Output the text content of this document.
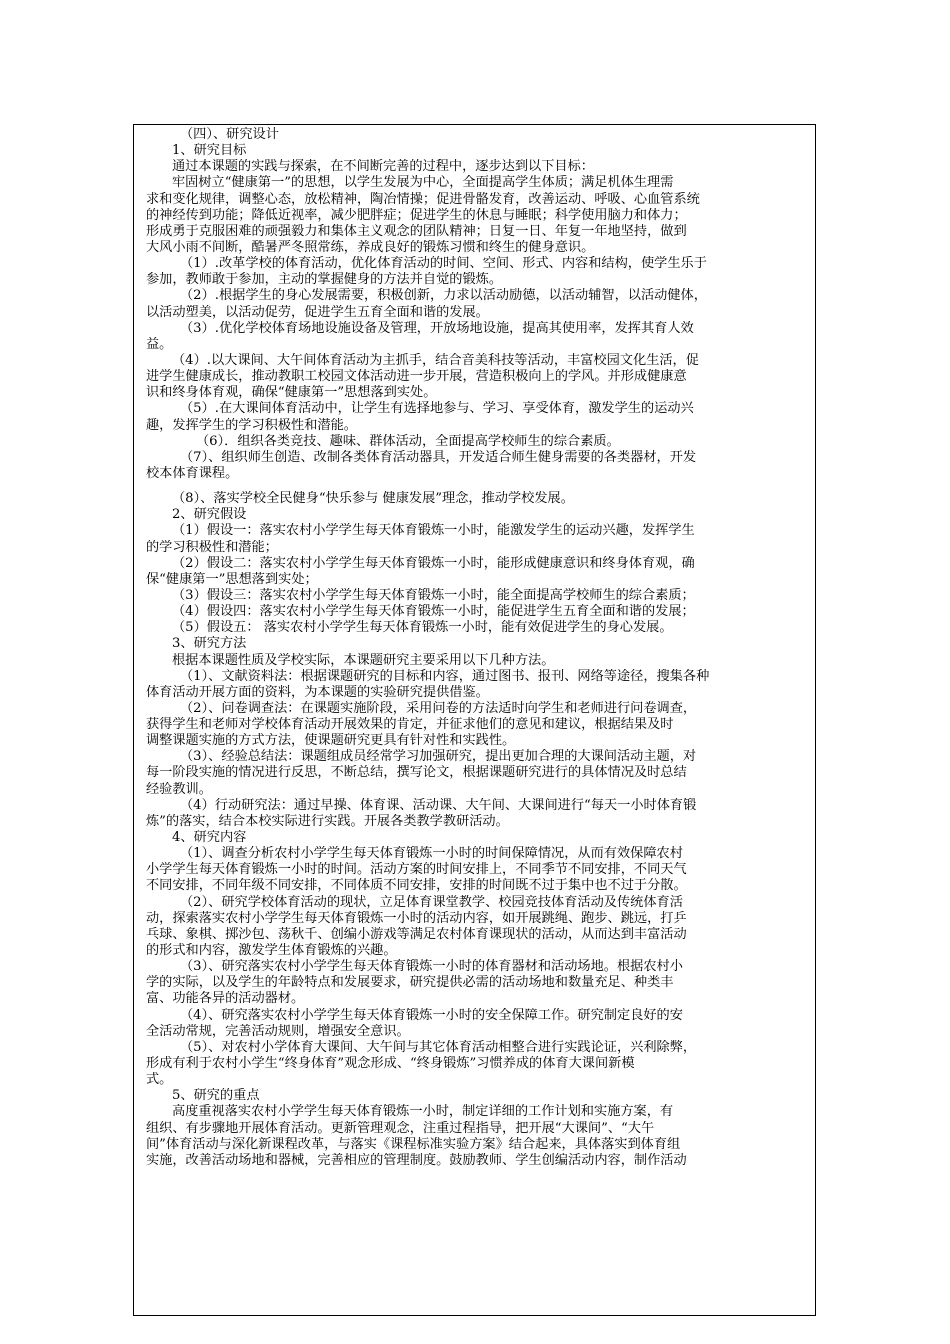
（四）、研究设计
1、研究目标
通过本课题的实践与探索，在不间断完善的过程中，逐步达到以下目标：
牢固树立“健康第一”的思想，以学生发展为中心，全面提高学生体质；满足机体生理需
求和变化规律，调整心态，放松精神，陶冶情操；促进骨骼发育，改善运动、呼吸、心血管系统
的神经传到功能；降低近视率，减少肥胖症；促进学生的休息与睡眠；科学使用脑力和体力；
形成勇于克服困难的顽强毅力和集体主义观念的团队精神；日复一日、年复一年地坚持，做到
大风小雨不间断，酷暑严冬照常练，养成良好的锻炼习惯和终生的健身意识。
（1）.改革学校的体育活动，优化体育活动的时间、空间、形式、内容和结构，使学生乐于
参加，教师敢于参加，主动的掌握健身的方法并自觉的锻炼。
（2）.根据学生的身心发展需要，积极创新，力求以活动励德，以活动辅智，以活动健体，
以活动塑美，以活动促劳，促进学生五育全面和谐的发展。
（3）.优化学校体育场地设施设备及管理，开放场地设施，提高其使用率，发挥其育人效
益。
（4）.以大课间、大午间体育活动为主抓手，结合音美科技等活动，丰富校园文化生活，促
进学生健康成长，推动教职工校园文体活动进一步开展，营造积极向上的学风。并形成健康意
识和终身体育观，确保“健康第一”思想落到实处。
（5）.在大课间体育活动中，让学生有选择地参与、学习、享受体育，激发学生的运动兴
趣，发挥学生的学习积极性和潜能。
（6）．组织各类竞技、趣味、群体活动，全面提高学校师生的综合素质。
（7）、组织师生创造、改制各类体育活动器具，开发适合师生健身需要的各类器材，开发
校本体育课程。
（8）、落实学校全民健身“快乐参与 健康发展”理念，推动学校发展。
2、研究假设
（1）假设一：落实农村小学学生每天体育锻炼一小时，能激发学生的运动兴趣，发挥学生
的学习积极性和潜能；
（2）假设二：落实农村小学学生每天体育锻炼一小时，能形成健康意识和终身体育观，确
保“健康第一”思想落到实处；
（3）假设三：落实农村小学学生每天体育锻炼一小时，能全面提高学校师生的综合素质；
（4）假设四：落实农村小学学生每天体育锻炼一小时，能促进学生五育全面和谐的发展；
（5）假设五： 落实农村小学学生每天体育锻炼一小时，能有效促进学生的身心发展。
3、研究方法
根据本课题性质及学校实际，本课题研究主要采用以下几种方法。
（1）、文献资料法：根据课题研究的目标和内容，通过图书、报刊、网络等途径，搜集各种
体育活动开展方面的资料，为本课题的实验研究提供借鉴。
（2）、问卷调查法：在课题实施阶段，采用问卷的方法适时向学生和老师进行问卷调查，
获得学生和老师对学校体育活动开展效果的肯定，并征求他们的意见和建议，根据结果及时
调整课题实施的方式方法，使课题研究更具有针对性和实践性。
（3）、经验总结法：课题组成员经常学习加强研究，提出更加合理的大课间活动主题，对
每一阶段实施的情况进行反思，不断总结，撰写论文，根据课题研究进行的具体情况及时总结
经验教训。
（4）行动研究法：通过早操、体育课、活动课、大午间、大课间进行“每天一小时体育锻
炼”的落实，结合本校实际进行实践。开展各类教学教研活动。
4、研究内容
（1）、调查分析农村小学学生每天体育锻炼一小时的时间保障情况，从而有效保障农村
小学学生每天体育锻炼一小时的时间。活动方案的时间安排上，不同季节不同安排，不同天气
不同安排，不同年级不同安排，不同体质不同安排，安排的时间既不过于集中也不过于分散。
（2）、研究学校体育活动的现状，立足体育课堂教学、校园竞技体育活动及传统体育活
动，探索落实农村小学学生每天体育锻炼一小时的活动内容，如开展跳绳、跑步、跳远，打乒
乓球、象棋、掷沙包、荡秋千、创编小游戏等满足农村体育课现状的活动，从而达到丰富活动
的形式和内容，激发学生体育锻炼的兴趣。
（3）、研究落实农村小学学生每天体育锻炼一小时的体育器材和活动场地。根据农村小
学的实际，以及学生的年龄特点和发展要求，研究提供必需的活动场地和数量充足、种类丰
富、功能各异的活动器材。
（4）、研究落实农村小学学生每天体育锻炼一小时的安全保障工作。研究制定良好的安
全活动常规，完善活动规则，增强安全意识。
（5）、对农村小学体育大课间、大午间与其它体育活动相整合进行实践论证，兴利除弊，
形成有利于农村小学生“终身体育”观念形成、“终身锻炼”习惯养成的体育大课间新模
式。
5、研究的重点
高度重视落实农村小学学生每天体育锻炼一小时，制定详细的工作计划和实施方案，有
组织、有步骤地开展体育活动。更新管理观念，注重过程指导，把开展“大课间”、“大午
间”体育活动与深化新课程改革，与落实《课程标准实验方案》结合起来，具体落实到体育组
实施，改善活动场地和器械，完善相应的管理制度。鼓励教师、学生创编活动内容，制作活动
